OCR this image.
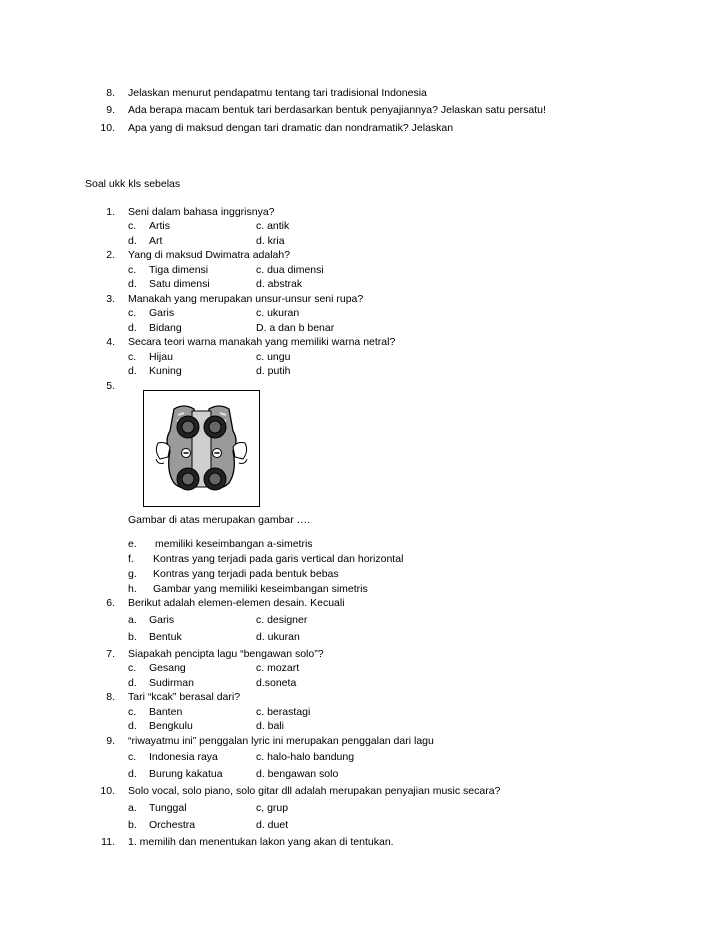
8. Jelaskan menurut pendapatmu tentang tari tradisional Indonesia
9. Ada berapa macam bentuk tari berdasarkan bentuk penyajiannya? Jelaskan satu persatu!
10. Apa yang di maksud dengan tari dramatic dan nondramatik? Jelaskan
Soal ukk kls sebelas
1. Seni dalam bahasa inggrisnya?
c. Artis	c. antik
d. Art	d. kria
2. Yang di maksud Dwimatra adalah?
c. Tiga dimensi	c. dua dimensi
d. Satu dimensi	d. abstrak
3. Manakah yang merupakan unsur-unsur seni rupa?
c. Garis	c. ukuran
d. Bidang	D. a dan b benar
4. Secara teori warna manakah yang memiliki warna netral?
c. Hijau	c. ungu
d. Kuning	d. putih
5.
Gambar di atas merupakan gambar ….
e. memiliki keseimbangan a-simetris
f. Kontras yang terjadi pada garis vertical dan horizontal
g. Kontras yang terjadi pada bentuk bebas
h. Gambar yang memiliki keseimbangan simetris
6. Berikut adalah elemen-elemen desain. Kecuali
a. Garis	c. designer
b. Bentuk	d. ukuran
7. Siapakah pencipta lagu “bengawan solo”?
c. Gesang	c. mozart
d. Sudirman	d.soneta
8. Tari “kcak” berasal dari?
c. Banten	c. berastagi
d. Bengkulu	d. bali
9. “riwayatmu ini” penggalan lyric ini merupakan penggalan dari lagu
c. Indonesia raya	c. halo-halo bandung
d. Burung kakatua	d. bengawan solo
10. Solo vocal, solo piano, solo gitar dll adalah merupakan penyajian music secara?
a. Tunggal	c, grup
b. Orchestra	d. duet
11. 1. memilih dan menentukan lakon yang akan di tentukan.
